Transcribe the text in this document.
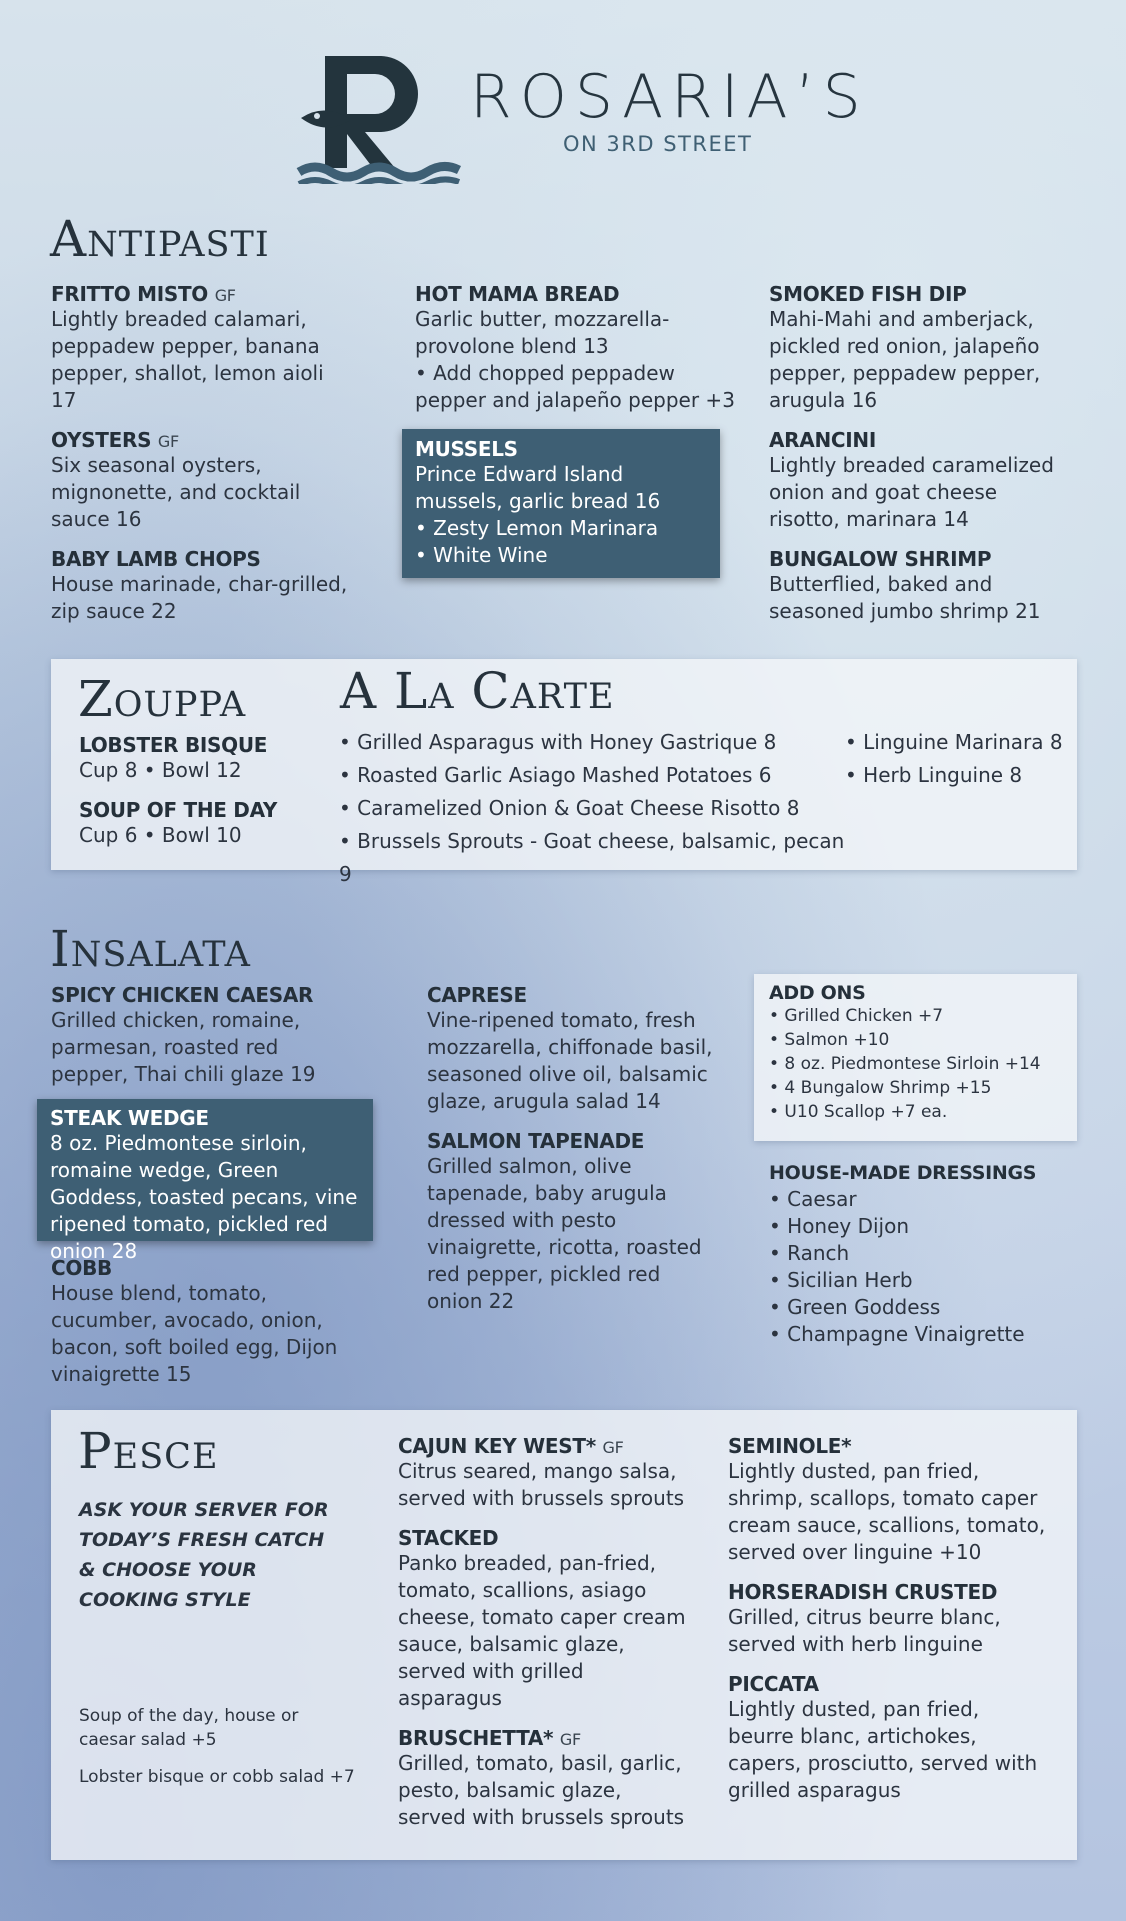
ROSARIA’S
ON 3RD STREET
Antipasti
FRITTO MISTO GF
Lightly breaded calamari, peppadew pepper, banana pepper, shallot, lemon aioli 17
OYSTERS GF
Six seasonal oysters, mignonette, and cocktail sauce 16
BABY LAMB CHOPS
House marinade, char-grilled, zip sauce 22
HOT MAMA BREAD
Garlic butter, mozzarella-provolone blend 13
• Add chopped peppadew pepper and jalapeño pepper +3
MUSSELS
Prince Edward Island mussels, garlic bread 16
• Zesty Lemon Marinara
• White Wine
SMOKED FISH DIP
Mahi-Mahi and amberjack, pickled red onion, jalapeño pepper, peppadew pepper, arugula 16
ARANCINI
Lightly breaded caramelized onion and goat cheese risotto, marinara 14
BUNGALOW SHRIMP
Butterflied, baked and seasoned jumbo shrimp 21
Zouppa
LOBSTER BISQUE
Cup 8 • Bowl 12
SOUP OF THE DAY
Cup 6 • Bowl 10
A La Carte
• Grilled Asparagus with Honey Gastrique 8
• Roasted Garlic Asiago Mashed Potatoes 6
• Caramelized Onion & Goat Cheese Risotto 8
• Brussels Sprouts - Goat cheese, balsamic, pecan 9
• Linguine Marinara 8
• Herb Linguine 8
Insalata
SPICY CHICKEN CAESAR
Grilled chicken, romaine, parmesan, roasted red pepper, Thai chili glaze 19
STEAK WEDGE
8 oz. Piedmontese sirloin, romaine wedge, Green Goddess, toasted pecans, vine ripened tomato, pickled red onion 28
COBB
House blend, tomato, cucumber, avocado, onion, bacon, soft boiled egg, Dijon vinaigrette 15
CAPRESE
Vine-ripened tomato, fresh mozzarella, chiffonade basil, seasoned olive oil, balsamic glaze, arugula salad 14
SALMON TAPENADE
Grilled salmon, olive tapenade, baby arugula dressed with pesto vinaigrette, ricotta, roasted red pepper, pickled red onion 22
ADD ONS
• Grilled Chicken +7
• Salmon +10
• 8 oz. Piedmontese Sirloin +14
• 4 Bungalow Shrimp +15
• U10 Scallop +7 ea.
HOUSE-MADE DRESSINGS
• Caesar
• Honey Dijon
• Ranch
• Sicilian Herb
• Green Goddess
• Champagne Vinaigrette
Pesce
ASK YOUR SERVER FOR TODAY’S FRESH CATCH & CHOOSE YOUR COOKING STYLE
Soup of the day, house or caesar salad +5
Lobster bisque or cobb salad +7
CAJUN KEY WEST* GF
Citrus seared, mango salsa, served with brussels sprouts
STACKED
Panko breaded, pan-fried, tomato, scallions, asiago cheese, tomato caper cream sauce, balsamic glaze, served with grilled asparagus
BRUSCHETTA* GF
Grilled, tomato, basil, garlic, pesto, balsamic glaze, served with brussels sprouts
SEMINOLE*
Lightly dusted, pan fried, shrimp, scallops, tomato caper cream sauce, scallions, tomato, served over linguine +10
HORSERADISH CRUSTED
Grilled, citrus beurre blanc, served with herb linguine
PICCATA
Lightly dusted, pan fried, beurre blanc, artichokes, capers, prosciutto, served with grilled asparagus
